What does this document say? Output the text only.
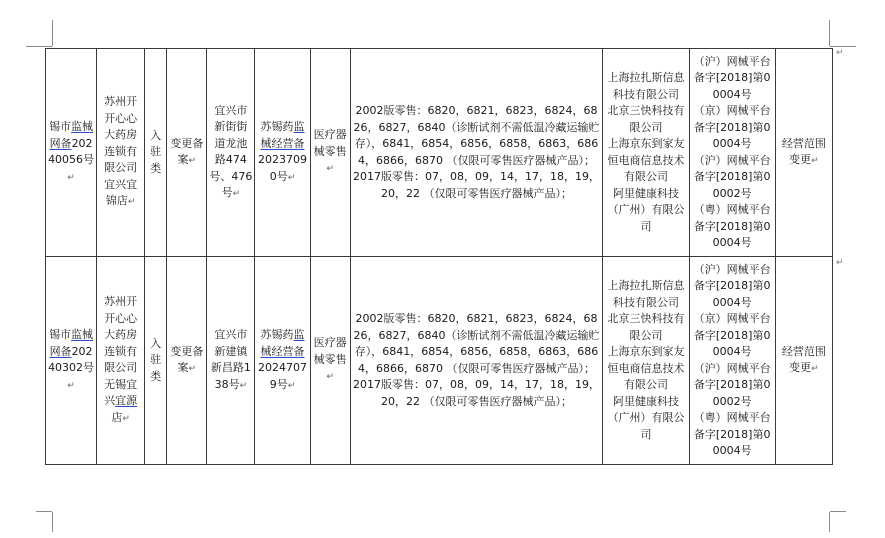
↵
↵
锡市监械网备20240056号↵	苏州开开心心大药房连锁有限公司宜兴宜锦店↵	入驻类	变更备案↵	宜兴市新街街道龙池路474号、476号↵	苏锡药监械经营备20237090号↵	医疗器械零售↵	2002版零售：6820，6821，6823，6824，6826，6827，6840（诊断试剂不需低温冷藏运输贮存），6841，6854，6856，6858，6863，6864，6866，6870 （仅限可零售医疗器械产品）；
2017版零售：07，08，09，14，17，18，19，20，22 （仅限可零售医疗器械产品）；	上海拉扎斯信息科技有限公司
北京三快科技有限公司
上海京东到家友恒电商信息技术有限公司
阿里健康科技（广州）有限公司	（沪）网械平台备字[2018]第00004号
（京）网械平台备字[2018]第00004号
（沪）网械平台备字[2018]第00002号
（粤）网械平台备字[2018]第00004号	经营范围变更↵
锡市监械网备20240302号↵	苏州开开心心大药房连锁有限公司无锡宜兴宜源店↵	入驻类	变更备案↵	宜兴市新建镇新昌路138号↵	苏锡药监械经营备20247079号↵	医疗器械零售↵	2002版零售：6820，6821，6823，6824，6826，6827，6840（诊断试剂不需低温冷藏运输贮存），6841，6854，6856，6858，6863，6864，6866，6870 （仅限可零售医疗器械产品）；
2017版零售：07，08，09，14，17，18，19，20，22 （仅限可零售医疗器械产品）；	上海拉扎斯信息科技有限公司
北京三快科技有限公司
上海京东到家友恒电商信息技术有限公司
阿里健康科技（广州）有限公司	（沪）网械平台备字[2018]第00004号
（京）网械平台备字[2018]第00004号
（沪）网械平台备字[2018]第00002号
（粤）网械平台备字[2018]第00004号	经营范围变更↵
